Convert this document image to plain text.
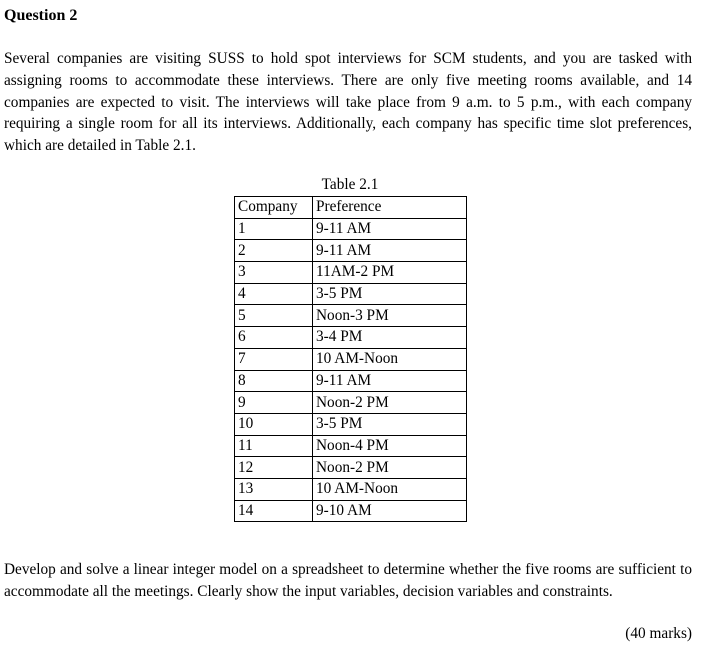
Question 2

Several companies are visiting SUSS to hold spot interviews for SCM students, and you are tasked with assigning rooms to accommodate these interviews. There are only five meeting rooms available, and 14 companies are expected to visit. The interviews will take place from 9 a.m. to 5 p.m., with each company requiring a single room for all its interviews. Additionally, each company has specific time slot preferences, which are detailed in Table 2.1.

Table 2.1

Company	Preference
1	9-11 AM
2	9-11 AM
3	11AM-2 PM
4	3-5 PM
5	Noon-3 PM
6	3-4 PM
7	10 AM-Noon
8	9-11 AM
9	Noon-2 PM
10	3-5 PM
11	Noon-4 PM
12	Noon-2 PM
13	10 AM-Noon
14	9-10 AM

Develop and solve a linear integer model on a spreadsheet to determine whether the five rooms are sufficient to accommodate all the meetings. Clearly show the input variables, decision variables and constraints.

(40 marks)
